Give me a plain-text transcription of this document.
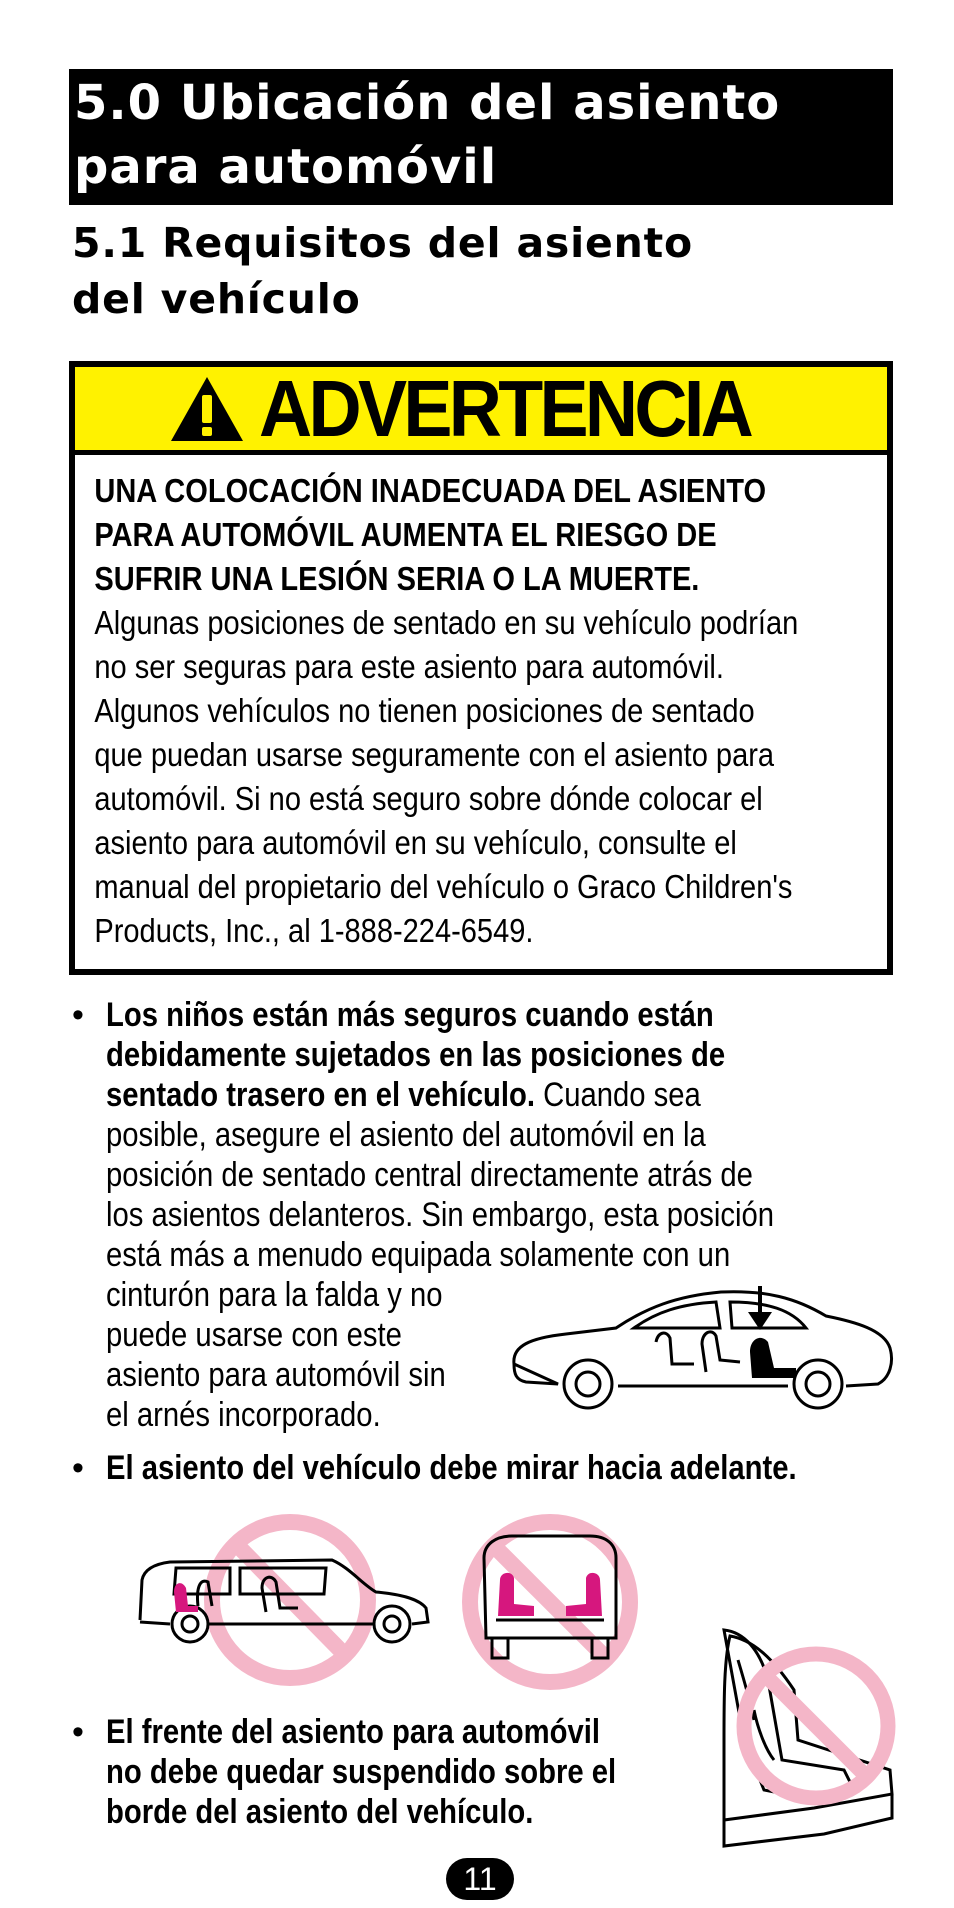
5.0 Ubicación del asiento
para automóvil
5.1 Requisitos del asiento
del vehículo
ADVERTENCIA
UNA COLOCACIÓN INADECUADA DEL ASIENTO
PARA AUTOMÓVIL AUMENTA EL RIESGO DE
SUFRIR UNA LESIÓN SERIA O LA MUERTE.
Algunas posiciones de sentado en su vehículo podrían
no ser seguras para este asiento para automóvil.
Algunos vehículos no tienen posiciones de sentado
que puedan usarse seguramente con el asiento para
automóvil. Si no está seguro sobre dónde colocar el
asiento para automóvil en su vehículo, consulte el
manual del propietario del vehículo o Graco Children's
Products, Inc., al 1-888-224-6549.
• Los niños están más seguros cuando están
debidamente sujetados en las posiciones de
sentado trasero en el vehículo. Cuando sea
posible, asegure el asiento del automóvil en la
posición de sentado central directamente atrás de
los asientos delanteros. Sin embargo, esta posición
está más a menudo equipada solamente con un
cinturón para la falda y no
puede usarse con este
asiento para automóvil sin
el arnés incorporado.
• El asiento del vehículo debe mirar hacia adelante.
• El frente del asiento para automóvil
no debe quedar suspendido sobre el
borde del asiento del vehículo.
11
